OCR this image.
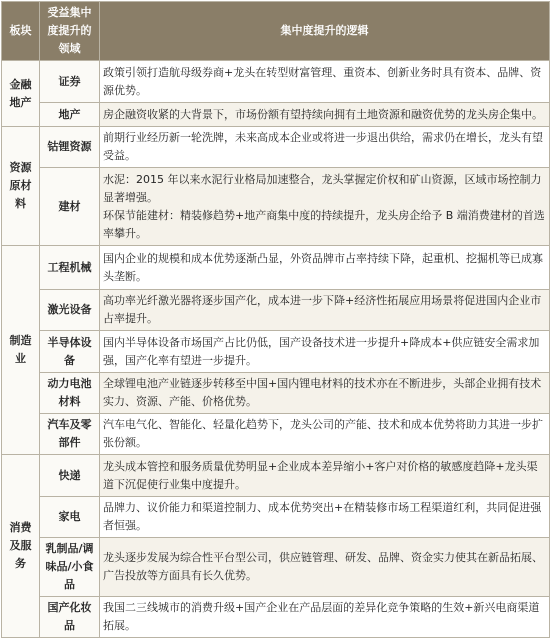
板块	受益集中度提升的领域	集中度提升的逻辑
金融地产	证券	政策引领打造航母级券商+龙头在转型财富管理、重资本、创新业务时具有资本、品牌、资源优势。

	地产	房企融资收紧的大背景下，市场份额有望持续向拥有土地资源和融资优势的龙头房企集中。

资源原材料	钴锂资源	前期行业经历新一轮洗牌，未来高成本企业或将进一步退出供给，需求仍在增长，龙头有望受益。

	建材	水泥：2015 年以来水泥行业格局加速整合，龙头掌握定价权和矿山资源，区域市场控制力显著增强。
环保节能建材：精装修趋势+地产商集中度的持续提升，龙头房企给予 B 端消费建材的首选率攀升。

制造业	工程机械	国内企业的规模和成本优势逐渐凸显，外资品牌市占率持续下降，起重机、挖掘机等已成寡头垄断。

	激光设备	高功率光纤激光器将逐步国产化，成本进一步下降+经济性拓展应用场景将促进国内企业市占率提升。

	半导体设备	国内半导体设备市场国产占比仍低，国产设备技术进一步提升+降成本+供应链安全需求加强，国产化率有望进一步提升。

	动力电池材料	全球锂电池产业链逐步转移至中国+国内锂电材料的技术亦在不断进步，头部企业拥有技术实力、资源、产能、价格优势。

	汽车及零部件	汽车电气化、智能化、轻量化趋势下，龙头公司的产能、技术和成本优势将助力其进一步扩张份额。

消费及服务	快递	龙头成本管控和服务质量优势明显+企业成本差异缩小+客户对价格的敏感度趋降+龙头渠道下沉促使行业集中度提升。

	家电	品牌力、议价能力和渠道控制力、成本优势突出+在精装修市场工程渠道红利，共同促进强者恒强。

	乳制品/调味品/小食品	龙头逐步发展为综合性平台型公司，供应链管理、研发、品牌、资金实力使其在新品拓展、广告投放等方面具有长久优势。

	国产化妆品	我国二三线城市的消费升级+国产企业在产品层面的差异化竞争策略的生效+新兴电商渠道拓展。
